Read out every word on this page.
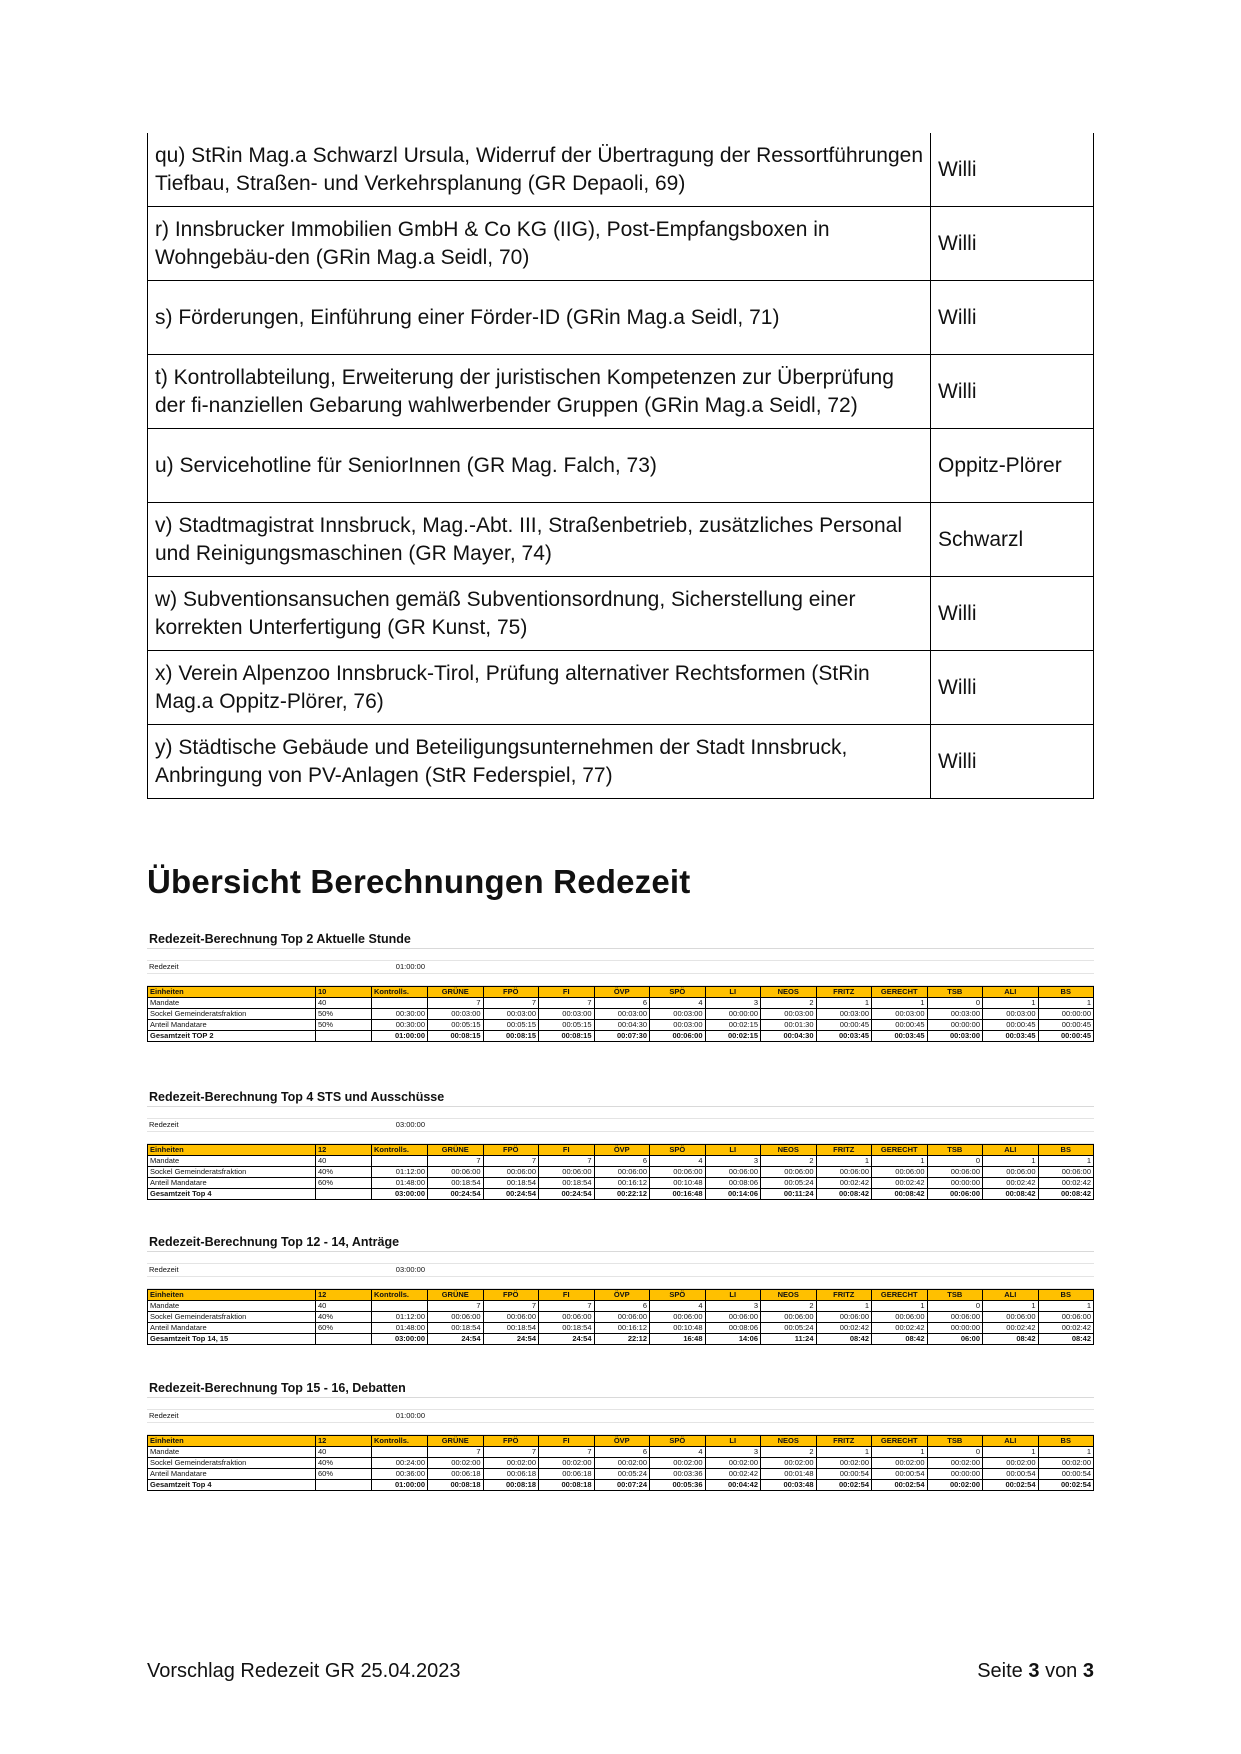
qu) StRin Mag.a Schwarzl Ursula, Widerruf der Übertragung der Ressortführungen Tiefbau, Straßen- und Verkehrsplanung (GR Depaoli, 69)	Willi
r) Innsbrucker Immobilien GmbH & Co KG (IIG), Post-Empfangsboxen in Wohngebäu-den (GRin Mag.a Seidl, 70)	Willi
s) Förderungen, Einführung einer Förder-ID (GRin Mag.a Seidl, 71)	Willi
t) Kontrollabteilung, Erweiterung der juristischen Kompetenzen zur Überprüfung der fi-nanziellen Gebarung wahlwerbender Gruppen (GRin Mag.a Seidl, 72)	Willi
u) Servicehotline für SeniorInnen (GR Mag. Falch, 73)	Oppitz-Plörer
v) Stadtmagistrat Innsbruck, Mag.-Abt. III, Straßenbetrieb, zusätzliches Personal und Reinigungsmaschinen (GR Mayer, 74)	Schwarzl
w) Subventionsansuchen gemäß Subventionsordnung, Sicherstellung einer korrekten Unterfertigung (GR Kunst, 75)	Willi
x) Verein Alpenzoo Innsbruck-Tirol, Prüfung alternativer Rechtsformen (StRin Mag.a Oppitz-Plörer, 76)	Willi
y) Städtische Gebäude und Beteiligungsunternehmen der Stadt Innsbruck, Anbringung von PV-Anlagen (StR Federspiel, 77)	Willi
Übersicht Berechnungen Redezeit
Redezeit-Berechnung Top 2 Aktuelle Stunde
Redezeit	01:00:00
Einheiten	10	Kontrolls.	GRÜNE	FPÖ	FI	ÖVP	SPÖ	LI	NEOS	FRITZ	GERECHT	TSB	ALI	BS
Mandate	40		7	7	7	6	4	3	2	1	1	0	1	1
Sockel Gemeinderatsfraktion	50%	00:30:00	00:03:00	00:03:00	00:03:00	00:03:00	00:03:00	00:00:00	00:03:00	00:03:00	00:03:00	00:03:00	00:03:00	00:00:00
Anteil Mandatare	50%	00:30:00	00:05:15	00:05:15	00:05:15	00:04:30	00:03:00	00:02:15	00:01:30	00:00:45	00:00:45	00:00:00	00:00:45	00:00:45
Gesamtzeit TOP 2		01:00:00	00:08:15	00:08:15	00:08:15	00:07:30	00:06:00	00:02:15	00:04:30	00:03:45	00:03:45	00:03:00	00:03:45	00:00:45
Redezeit-Berechnung Top 4 STS und Ausschüsse
Redezeit	03:00:00
Einheiten	12	Kontrolls.	GRÜNE	FPÖ	FI	ÖVP	SPÖ	LI	NEOS	FRITZ	GERECHT	TSB	ALI	BS
Mandate	40		7	7	7	6	4	3	2	1	1	0	1	1
Sockel Gemeinderatsfraktion	40%	01:12:00	00:06:00	00:06:00	00:06:00	00:06:00	00:06:00	00:06:00	00:06:00	00:06:00	00:06:00	00:06:00	00:06:00	00:06:00
Anteil Mandatare	60%	01:48:00	00:18:54	00:18:54	00:18:54	00:16:12	00:10:48	00:08:06	00:05:24	00:02:42	00:02:42	00:00:00	00:02:42	00:02:42
Gesamtzeit Top 4		03:00:00	00:24:54	00:24:54	00:24:54	00:22:12	00:16:48	00:14:06	00:11:24	00:08:42	00:08:42	00:06:00	00:08:42	00:08:42
Redezeit-Berechnung Top 12 - 14, Anträge
Redezeit	03:00:00
Einheiten	12	Kontrolls.	GRÜNE	FPÖ	FI	ÖVP	SPÖ	LI	NEOS	FRITZ	GERECHT	TSB	ALI	BS
Mandate	40		7	7	7	6	4	3	2	1	1	0	1	1
Sockel Gemeinderatsfraktion	40%	01:12:00	00:06:00	00:06:00	00:06:00	00:06:00	00:06:00	00:06:00	00:06:00	00:06:00	00:06:00	00:06:00	00:06:00	00:06:00
Anteil Mandatare	60%	01:48:00	00:18:54	00:18:54	00:18:54	00:16:12	00:10:48	00:08:06	00:05:24	00:02:42	00:02:42	00:00:00	00:02:42	00:02:42
Gesamtzeit Top 14, 15		03:00:00	24:54	24:54	24:54	22:12	16:48	14:06	11:24	08:42	08:42	06:00	08:42	08:42
Redezeit-Berechnung Top 15 - 16, Debatten
Redezeit	01:00:00
Einheiten	12	Kontrolls.	GRÜNE	FPÖ	FI	ÖVP	SPÖ	LI	NEOS	FRITZ	GERECHT	TSB	ALI	BS
Mandate	40		7	7	7	6	4	3	2	1	1	0	1	1
Sockel Gemeinderatsfraktion	40%	00:24:00	00:02:00	00:02:00	00:02:00	00:02:00	00:02:00	00:02:00	00:02:00	00:02:00	00:02:00	00:02:00	00:02:00	00:02:00
Anteil Mandatare	60%	00:36:00	00:06:18	00:06:18	00:06:18	00:05:24	00:03:36	00:02:42	00:01:48	00:00:54	00:00:54	00:00:00	00:00:54	00:00:54
Gesamtzeit Top 4		01:00:00	00:08:18	00:08:18	00:08:18	00:07:24	00:05:36	00:04:42	00:03:48	00:02:54	00:02:54	00:02:00	00:02:54	00:02:54
Vorschlag Redezeit GR 25.04.2023	Seite 3 von 3
